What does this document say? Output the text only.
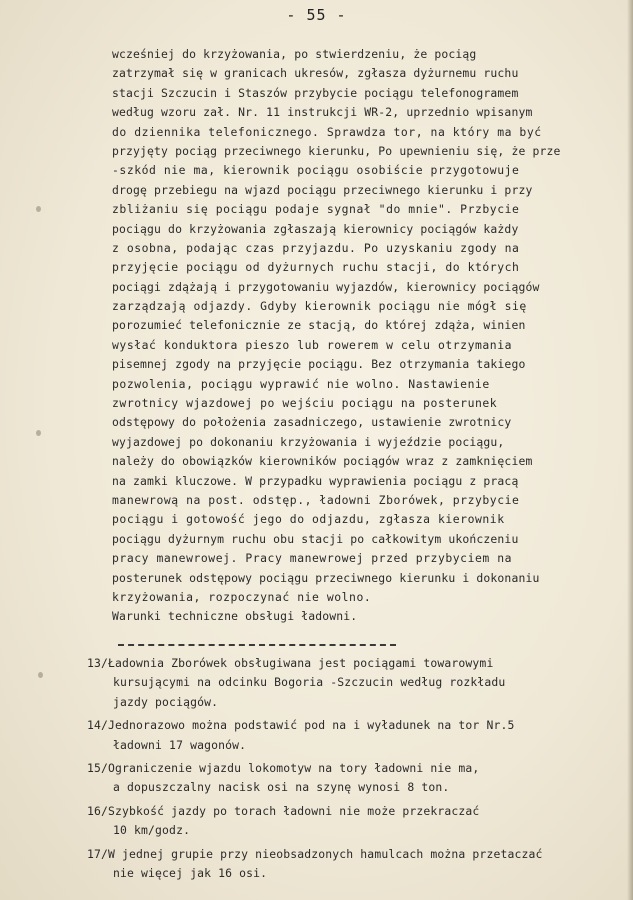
- 55 -
wcześniej do krzyżowania, po stwierdzeniu, że pociąg
zatrzymał się w granicach ukresów, zgłasza dyżurnemu ruchu
stacji Szczucin i Staszów przybycie pociągu telefonogramem
według wzoru zał. Nr. 11 instrukcji WR-2, uprzednio wpisanym
do dziennika telefonicznego. Sprawdza tor, na który ma być
przyjęty pociąg przeciwnego kierunku, Po upewnieniu się, że prze
-szkód nie ma, kierownik pociągu osobiście przygotowuje
drogę przebiegu na wjazd pociągu przeciwnego kierunku i przy
zbliżaniu się pociągu podaje sygnał "do mnie". Przbycie
pociągu do krzyżowania zgłaszają kierownicy pociągów każdy
z osobna, podając czas przyjazdu. Po uzyskaniu zgody na
przyjęcie pociągu od dyżurnych ruchu stacji, do których
pociągi zdążają i przygotowaniu wyjazdów, kierownicy pociągów
zarządzają odjazdy. Gdyby kierownik pociągu nie mógł się
porozumieć telefonicznie ze stacją, do której zdąża, winien
wysłać konduktora pieszo lub rowerem w celu otrzymania
pisemnej zgody na przyjęcie pociągu. Bez otrzymania takiego
pozwolenia, pociągu wyprawić nie wolno. Nastawienie
zwrotnicy wjazdowej po wejściu pociągu na posterunek
odstępowy do położenia zasadniczego, ustawienie zwrotnicy
wyjazdowej po dokonaniu krzyżowania i wyjeździe pociągu,
należy do obowiązków kierowników pociągów wraz z zamknięciem
na zamki kluczowe. W przypadku wyprawienia pociągu z pracą
manewrową na post. odstęp., ładowni Zborówek, przybycie
pociągu i gotowość jego do odjazdu, zgłasza kierownik
pociągu dyżurnym ruchu obu stacji po całkowitym ukończeniu
pracy manewrowej. Pracy manewrowej przed przybyciem na
posterunek odstępowy pociągu przeciwnego kierunku i dokonaniu
krzyżowania, rozpoczynać nie wolno.
Warunki techniczne obsługi ładowni.
13/Ładownia Zborówek obsługiwana jest pociągami towarowymi
kursującymi na odcinku Bogoria -Szczucin według rozkładu
jazdy pociągów.
14/Jednorazowo można podstawić pod na i wyładunek na tor Nr.5
ładowni 17 wagonów.
15/Ograniczenie wjazdu lokomotyw na tory ładowni nie ma,
a dopuszczalny nacisk osi na szynę wynosi 8 ton.
16/Szybkość jazdy po torach ładowni nie może przekraczać
10 km/godz.
17/W jednej grupie przy nieobsadzonych hamulcach można przetaczać
nie więcej jak 16 osi.
